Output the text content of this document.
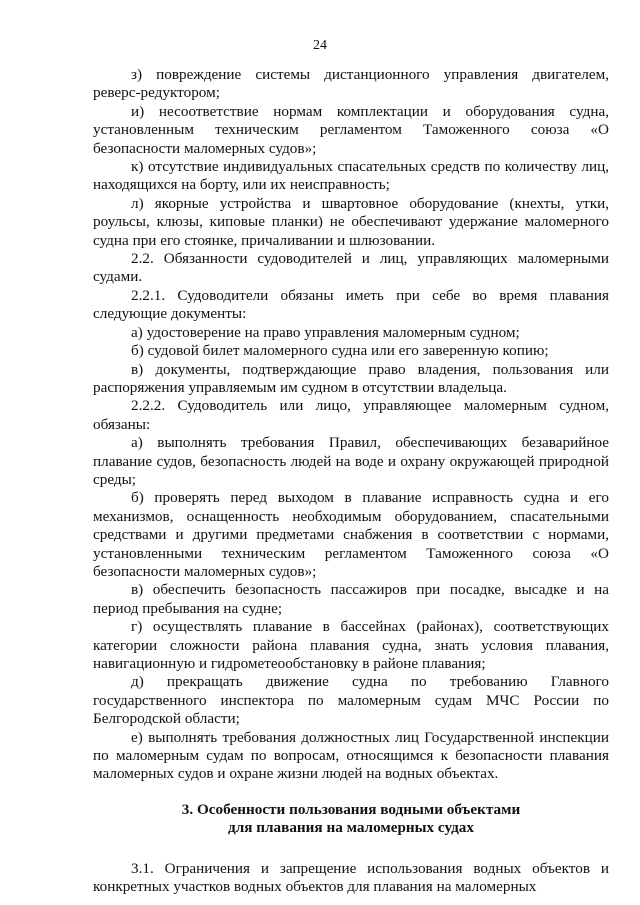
24

з) повреждение системы дистанционного управления двигателем, реверс-редуктором;

и) несоответствие нормам комплектации и оборудования судна, установленным техническим регламентом Таможенного союза «О безопасности маломерных судов»;

к) отсутствие индивидуальных спасательных средств по количеству лиц, находящихся на борту, или их неисправность;

л) якорные устройства и швартовное оборудование (кнехты, утки, роульсы, клюзы, киповые планки) не обеспечивают удержание маломерного судна при его стоянке, причаливании и шлюзовании.

2.2. Обязанности судоводителей и лиц, управляющих маломерными судами.

2.2.1. Судоводители обязаны иметь при себе во время плавания следующие документы:

а) удостоверение на право управления маломерным судном;

б) судовой билет маломерного судна или его заверенную копию;

в) документы, подтверждающие право владения, пользования или распоряжения управляемым им судном в отсутствии владельца.

2.2.2. Судоводитель или лицо, управляющее маломерным судном, обязаны:

а) выполнять требования Правил, обеспечивающих безаварийное плавание судов, безопасность людей на воде и охрану окружающей природной среды;

б) проверять перед выходом в плавание исправность судна и его механизмов, оснащенность необходимым оборудованием, спасательными средствами и другими предметами снабжения в соответствии с нормами, установленными техническим регламентом Таможенного союза «О безопасности маломерных судов»;

в) обеспечить безопасность пассажиров при посадке, высадке и на период пребывания на судне;

г) осуществлять плавание в бассейнах (районах), соответствующих категории сложности района плавания судна, знать условия плавания, навигационную и гидрометеообстановку в районе плавания;

д) прекращать движение судна по требованию Главного государственного инспектора по маломерным судам МЧС России по Белгородской области;

е) выполнять требования должностных лиц Государственной инспекции по маломерным судам по вопросам, относящимся к безопасности плавания маломерных судов и охране жизни людей на водных объектах.

3. Особенности пользования водными объектами
для плавания на маломерных судах

3.1. Ограничения и запрещение использования водных объектов и конкретных участков водных объектов для плавания на маломерных
